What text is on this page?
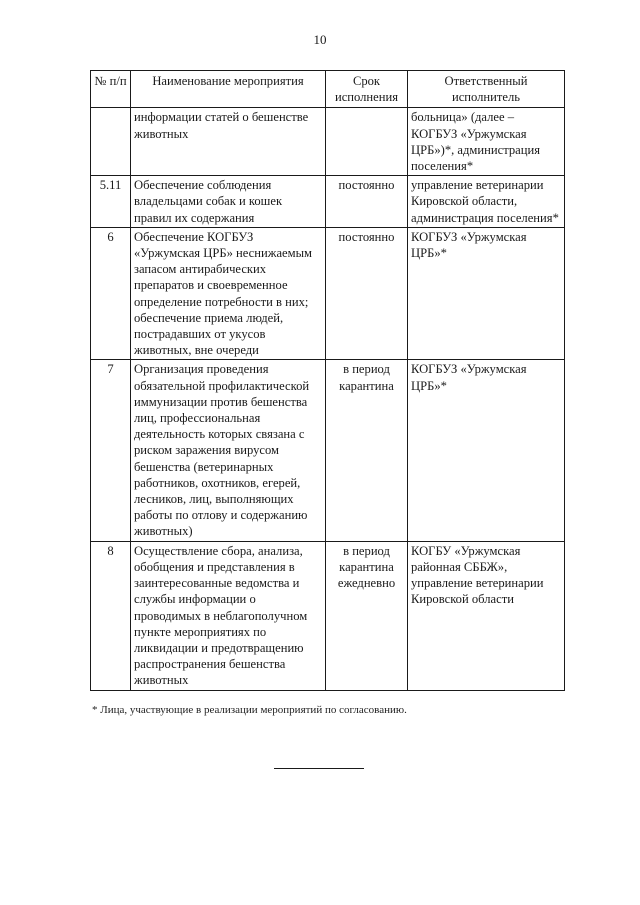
10
№ п/п	Наименование мероприятия	Срок исполнения	Ответственный исполнитель
	информации статей о бешенстве животных		больница» (далее – КОГБУЗ «Уржумская ЦРБ»)*, администрация поселения*
5.11	Обеспечение соблюдения владельцами собак и кошек правил их содержания	постоянно	управление ветеринарии Кировской области, администрация поселения*
6	Обеспечение КОГБУЗ «Уржумская ЦРБ» неснижаемым запасом антирабических препаратов и своевременное определение потребности в них; обеспечение приема людей, пострадавших от укусов животных, вне очереди	постоянно	КОГБУЗ «Уржумская ЦРБ»*
7	Организация проведения обязательной профилактической иммунизации против бешенства лиц, профессиональная деятельность которых связана с риском заражения вирусом бешенства (ветеринарных работников, охотников, егерей, лесников, лиц, выполняющих работы по отлову и содержанию животных)	в период карантина	КОГБУЗ «Уржумская ЦРБ»*
8	Осуществление сбора, анализа, обобщения и представления в заинтересованные ведомства и службы информации о проводимых в неблагополучном пункте мероприятиях по ликвидации и предотвращению распространения бешенства животных	в период карантина ежедневно	КОГБУ «Уржумская районная СББЖ», управление ветеринарии Кировской области
* Лица, участвующие в реализации мероприятий по согласованию.
